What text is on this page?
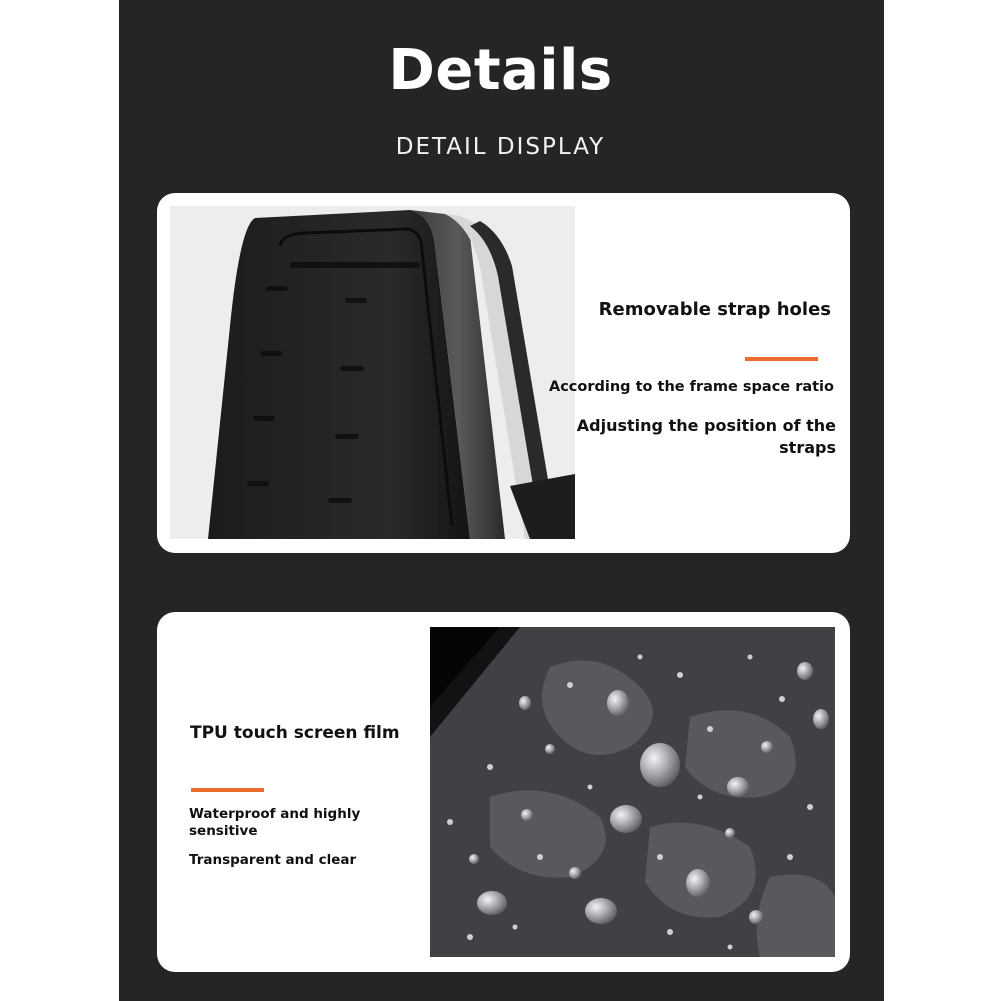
Details
DETAIL DISPLAY
Removable strap holes
According to the frame space ratio
Adjusting the position of the straps
TPU touch screen film
Waterproof and highly sensitive
Transparent and clear
